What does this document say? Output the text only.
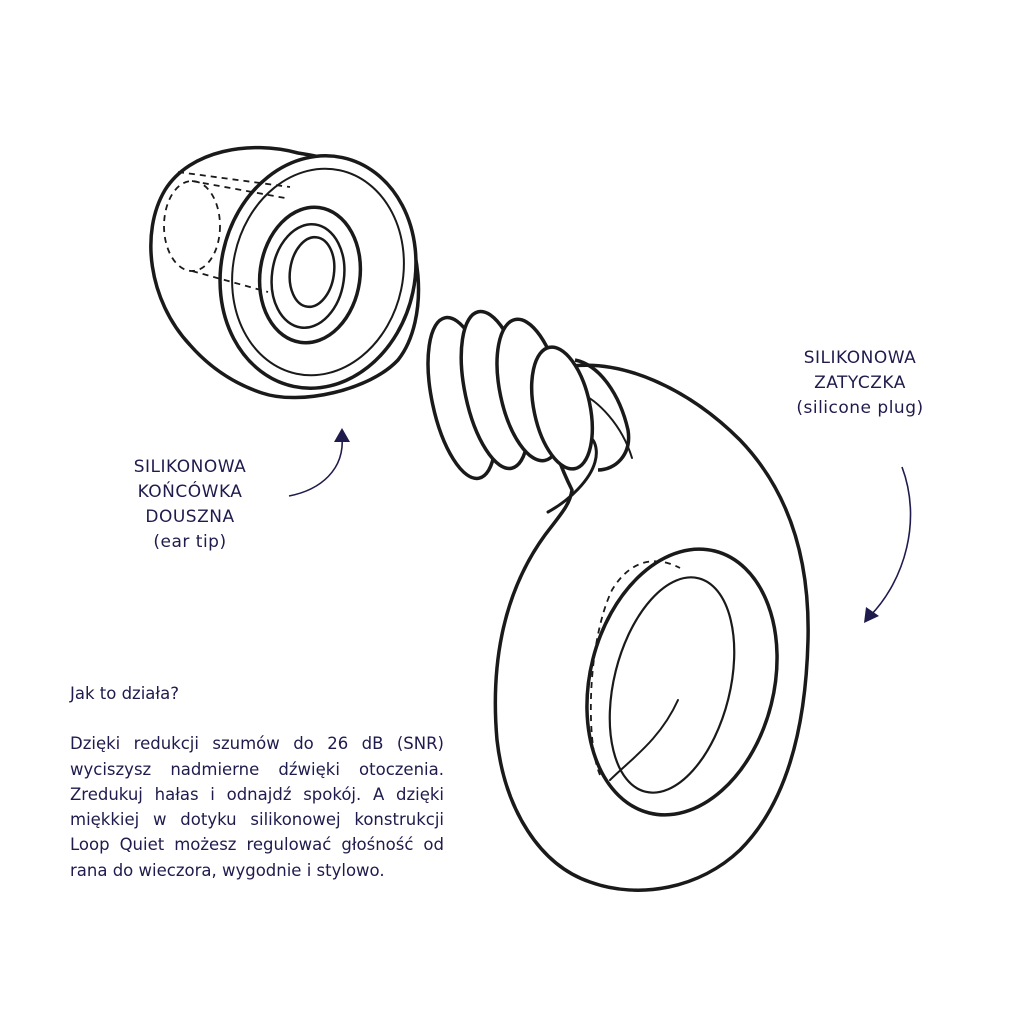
SILIKONOWA
KOŃCÓWKA
DOUSZNA
(ear tip)
SILIKONOWA
ZATYCZKA
(silicone plug)

Jak to działa?

Dzięki redukcji szumów do 26 dB (SNR) wyciszysz nadmierne dźwięki otoczenia. Zredukuj hałas i odnajdź spokój. A dzięki miękkiej w dotyku silikonowej konstrukcji Loop Quiet możesz regulować głośność od rana do wieczora, wygodnie i stylowo.
